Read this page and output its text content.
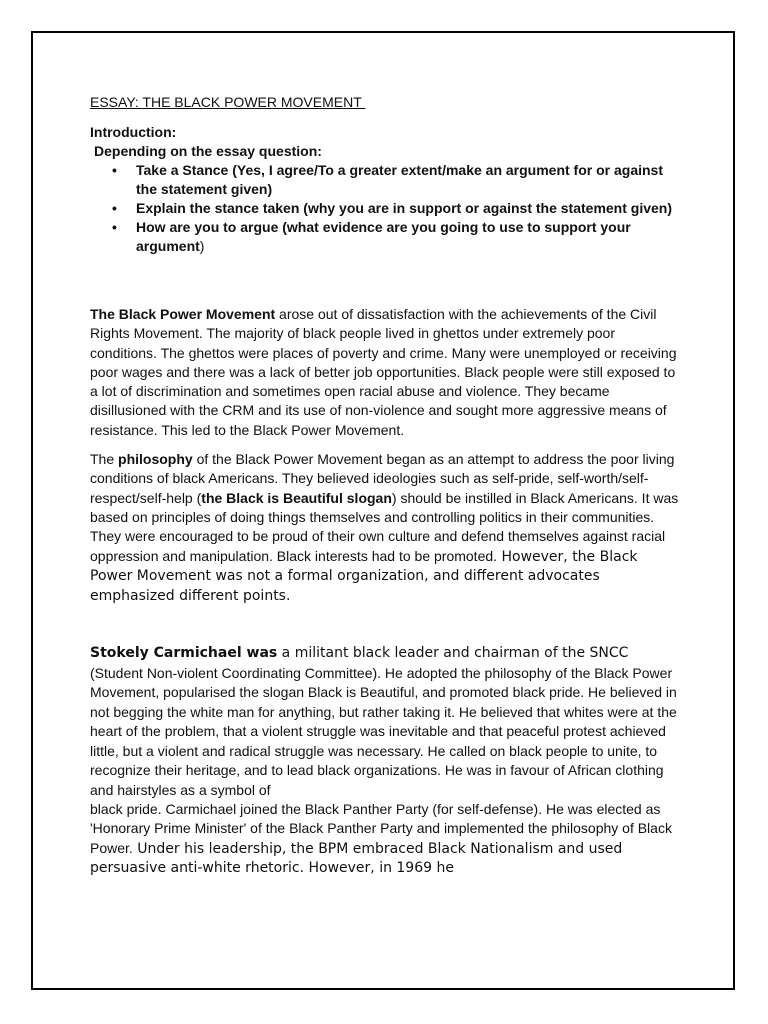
ESSAY: THE BLACK POWER MOVEMENT

Introduction:

Depending on the essay question:

• Take a Stance (Yes, I agree/To a greater extent/make an argument for or against the statement given)
• Explain the stance taken (why you are in support or against the statement given)
• How are you to argue (what evidence are you going to use to support your argument)

The Black Power Movement arose out of dissatisfaction with the achievements of the Civil Rights Movement. The majority of black people lived in ghettos under extremely poor conditions. The ghettos were places of poverty and crime. Many were unemployed or receiving poor wages and there was a lack of better job opportunities. Black people were still exposed to a lot of discrimination and sometimes open racial abuse and violence. They became disillusioned with the CRM and its use of non-violence and sought more aggressive means of resistance. This led to the Black Power Movement.

The philosophy of the Black Power Movement began as an attempt to address the poor living conditions of black Americans. They believed ideologies such as self-pride, self-worth/self-respect/self-help (the Black is Beautiful slogan) should be instilled in Black Americans. It was based on principles of doing things themselves and controlling politics in their communities. They were encouraged to be proud of their own culture and defend themselves against racial oppression and manipulation. Black interests had to be promoted. However, the Black Power Movement was not a formal organization, and different advocates emphasized different points.

Stokely Carmichael was a militant black leader and chairman of the SNCC
(Student Non-violent Coordinating Committee). He adopted the philosophy of the Black Power Movement, popularised the slogan Black is Beautiful, and promoted black pride. He believed in not begging the white man for anything, but rather taking it. He believed that whites were at the heart of the problem, that a violent struggle was inevitable and that peaceful protest achieved little, but a violent and radical struggle was necessary. He called on black people to unite, to recognize their heritage, and to lead black organizations. He was in favour of African clothing and hairstyles as a symbol of
black pride. Carmichael joined the Black Panther Party (for self-defense). He was elected as 'Honorary Prime Minister' of the Black Panther Party and implemented the philosophy of Black Power. Under his leadership, the BPM embraced Black Nationalism and used persuasive anti-white rhetoric. However, in 1969 he
